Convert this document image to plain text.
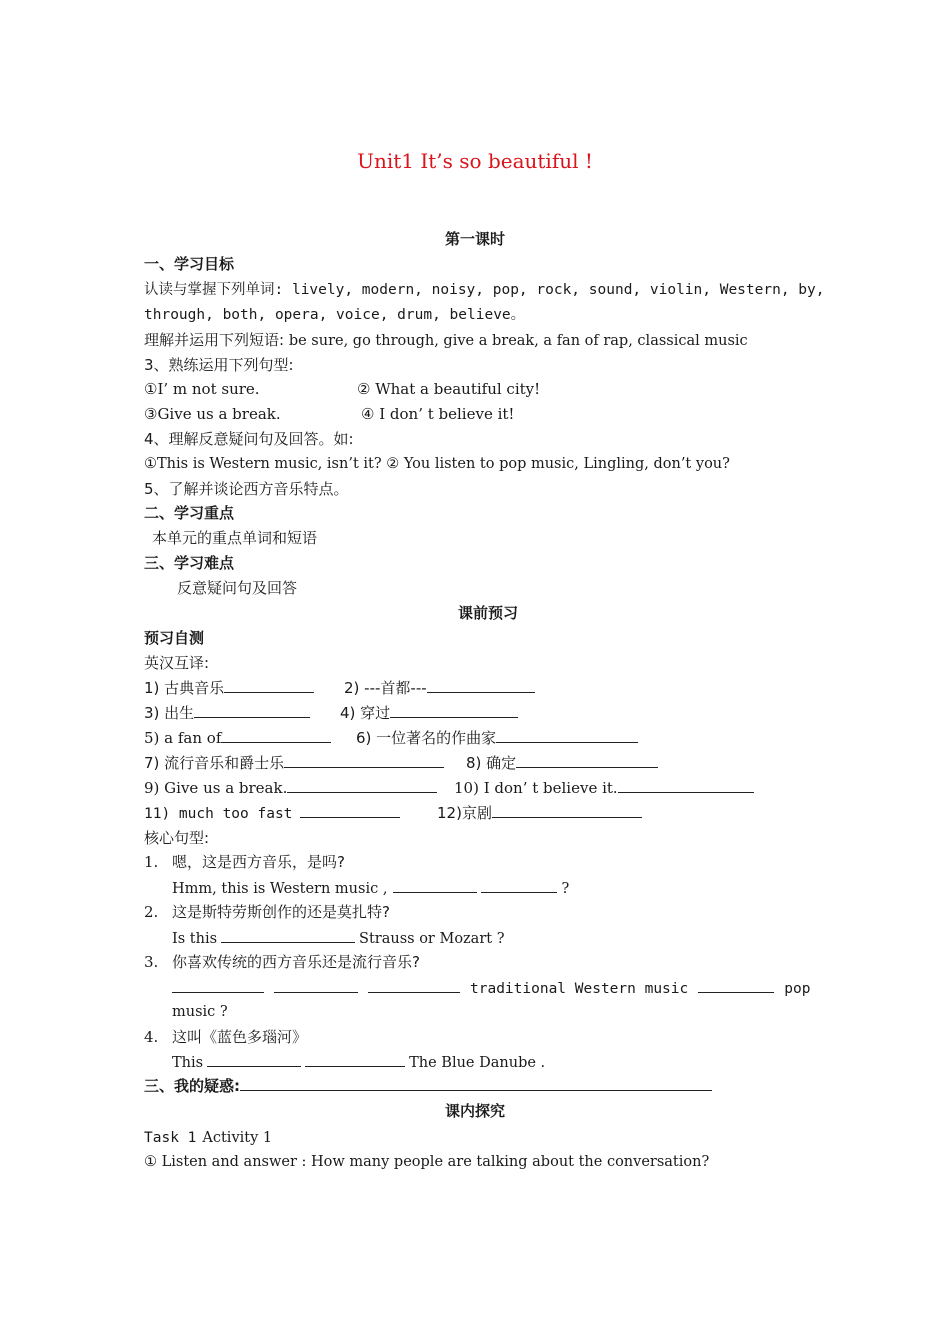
Unit1 It’s so beautiful !
第一课时
一、学习目标
认读与掌握下列单词: lively, modern, noisy, pop, rock, sound, violin, Western, by,
through, both, opera, voice, drum, believe。
理解并运用下列短语: be sure, go through, give a break, a fan of rap, classical music
3、熟练运用下列句型:
①I’ m not sure.	② What a beautiful city!
③Give us a break.	④ I don’ t believe it!
4、理解反意疑问句及回答。如:
①This is Western music, isn’t it? ② You listen to pop music, Lingling, don’t you?
5、了解并谈论西方音乐特点。
二、学习重点
本单元的重点单词和短语
三、学习难点
反意疑问句及回答
课前预习
预习自测
英汉互译:
1) 古典音乐	2) ---首都---
3) 出生	4) 穿过
5) a fan of	6) 一位著名的作曲家
7) 流行音乐和爵士乐	8) 确定
9) Give us a break.	10) I don’ t believe it.
11) much too fast	12)京剧
核心句型:
1. 嗯，这是西方音乐，是吗?
Hmm, this is Western music ,	?
2. 这是斯特劳斯创作的还是莫扎特?
Is this	Strauss or Mozart ?
3. 你喜欢传统的西方音乐还是流行音乐?
traditional Western music	pop
music ?
4. 这叫《蓝色多瑙河》
This	The Blue Danube .
三、我的疑惑:
课内探究
Task 1 Activity 1
① Listen and answer : How many people are talking about the conversation?
